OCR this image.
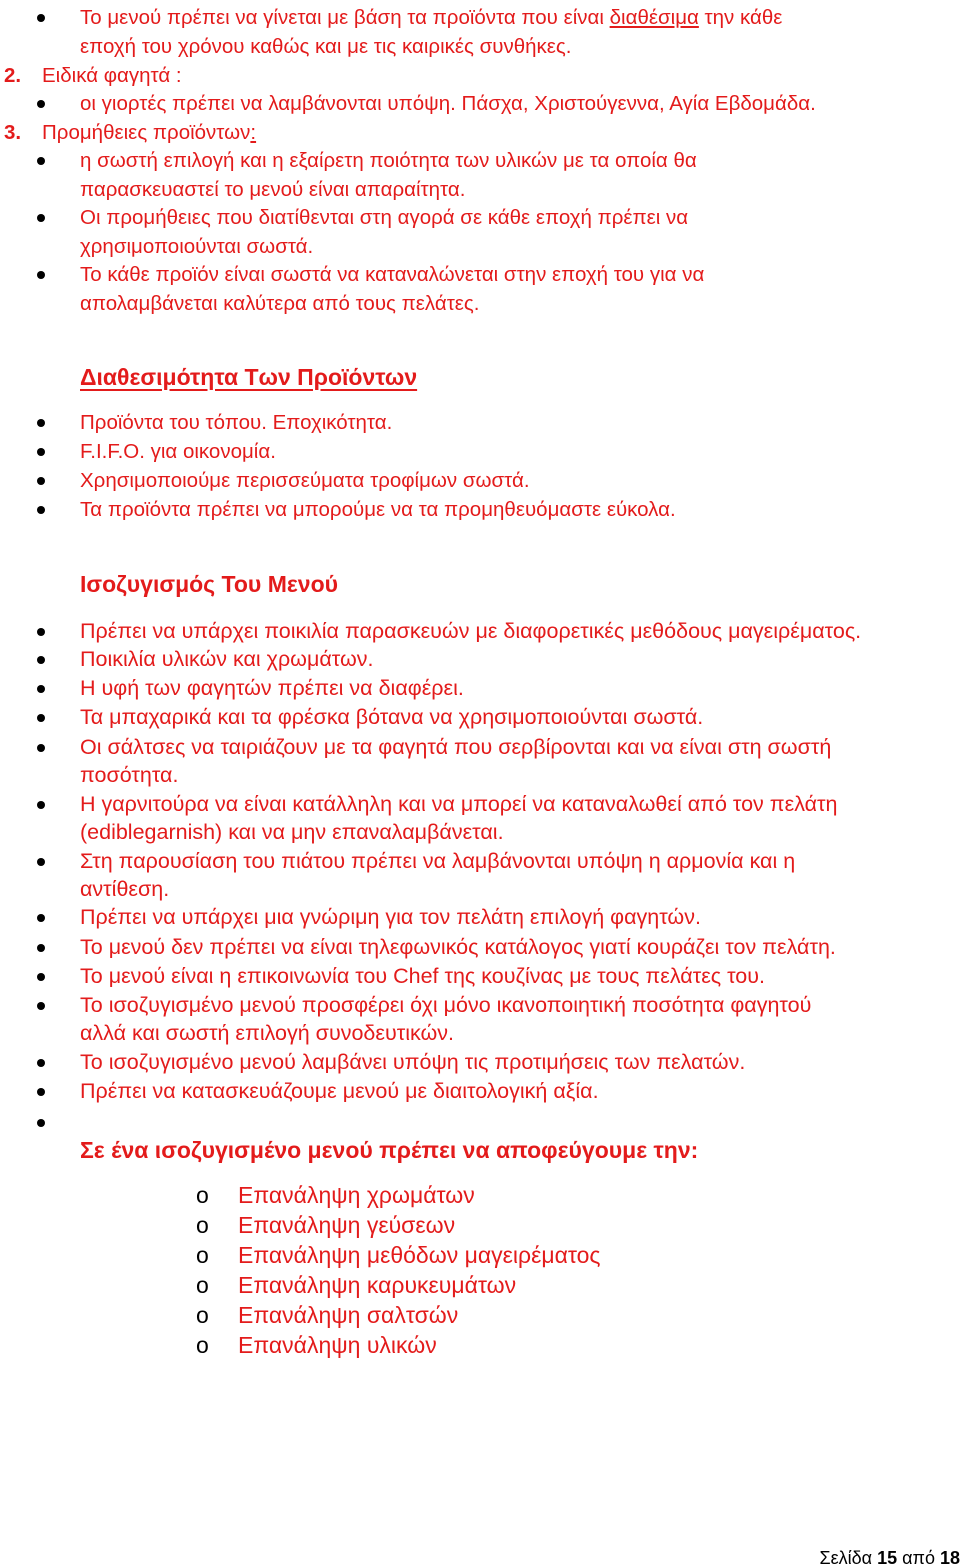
Το μενού πρέπει να γίνεται με βάση τα προϊόντα που είναι διαθέσιμα την κάθε
εποχή του χρόνου καθώς και με τις καιρικές συνθήκες.
2. Ειδικά φαγητά :
οι γιορτές πρέπει να λαμβάνονται υπόψη. Πάσχα, Χριστούγεννα, Αγία Εβδομάδα.
3. Προμήθειες προϊόντων:
η σωστή επιλογή και η εξαίρετη ποιότητα των υλικών με τα οποία θα
παρασκευαστεί το μενού είναι απαραίτητα.
Οι προμήθειες που διατίθενται στη αγορά σε κάθε εποχή πρέπει να
χρησιμοποιούνται σωστά.
Το κάθε προϊόν είναι σωστά να καταναλώνεται στην εποχή του για να
απολαμβάνεται καλύτερα από τους πελάτες.
Διαθεσιμότητα Των Προϊόντων
Προϊόντα του τόπου. Εποχικότητα.
F.I.F.O. για οικονομία.
Χρησιμοποιούμε περισσεύματα τροφίμων σωστά.
Τα προϊόντα πρέπει να μπορούμε να τα προμηθευόμαστε εύκολα.
Ισοζυγισμός Του Μενού
Πρέπει να υπάρχει ποικιλία παρασκευών με διαφορετικές μεθόδους μαγειρέματος.
Ποικιλία υλικών και χρωμάτων.
Η υφή των φαγητών πρέπει να διαφέρει.
Τα μπαχαρικά και τα φρέσκα βότανα να χρησιμοποιούνται σωστά.
Οι σάλτσες να ταιριάζουν με τα φαγητά που σερβίρονται και να είναι στη σωστή
ποσότητα.
Η γαρνιτούρα να είναι κατάλληλη και να μπορεί να καταναλωθεί από τον πελάτη
(ediblegarnish) και να μην επαναλαμβάνεται.
Στη παρουσίαση του πιάτου πρέπει να λαμβάνονται υπόψη η αρμονία και η
αντίθεση.
Πρέπει να υπάρχει μια γνώριμη για τον πελάτη επιλογή φαγητών.
Το μενού δεν πρέπει να είναι τηλεφωνικός κατάλογος γιατί κουράζει τον πελάτη.
Το μενού είναι η επικοινωνία του Chef της κουζίνας με τους πελάτες του.
Το ισοζυγισμένο μενού προσφέρει όχι μόνο ικανοποιητική ποσότητα φαγητού
αλλά και σωστή επιλογή συνοδευτικών.
Το ισοζυγισμένο μενού λαμβάνει υπόψη τις προτιμήσεις των πελατών.
Πρέπει να κατασκευάζουμε μενού με διαιτολογική αξία.
Σε ένα ισοζυγισμένο μενού πρέπει να αποφεύγουμε την:
o Επανάληψη χρωμάτων
o Επανάληψη γεύσεων
o Επανάληψη μεθόδων μαγειρέματος
o Επανάληψη καρυκευμάτων
o Επανάληψη σαλτσών
o Επανάληψη υλικών
Σελίδα 15 από 18
